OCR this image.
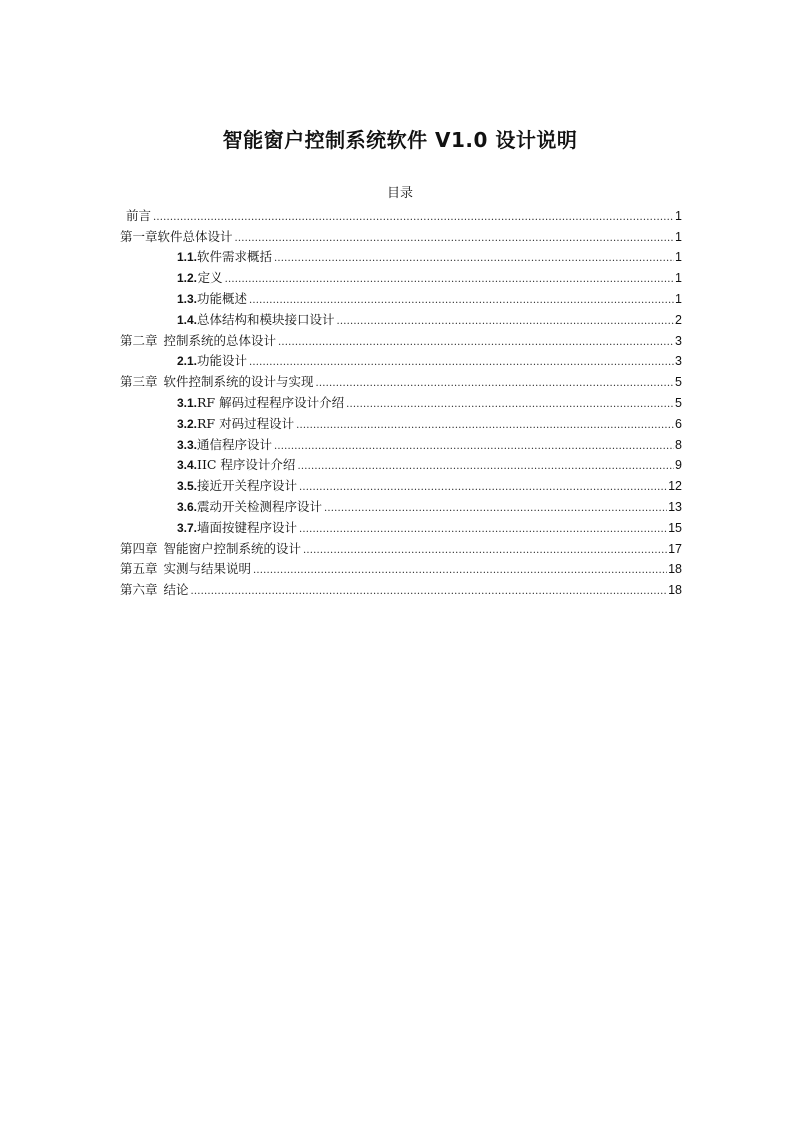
智能窗户控制系统软件 V1.0 设计说明
目录
前言 .....	1
第一章 软件总体设计 .....	1
1.1. 软件需求概括 .....	1
1.2. 定义 .....	1
1.3. 功能概述 .....	1
1.4. 总体结构和模块接口设计 .....	2
第二章 控制系统的总体设计 .....	3
2.1. 功能设计 .....	3
第三章 软件控制系统的设计与实现 .....	5
3.1. RF 解码过程程序设计介绍 .....	5
3.2. RF 对码过程设计 .....	6
3.3. 通信程序设计 .....	8
3.4. IIC 程序设计介绍 .....	9
3.5. 接近开关程序设计 .....	12
3.6. 震动开关检测程序设计 .....	13
3.7. 墙面按键程序设计 .....	15
第四章 智能窗户控制系统的设计 .....	17
第五章 实测与结果说明 .....	18
第六章 结论 .....	18
